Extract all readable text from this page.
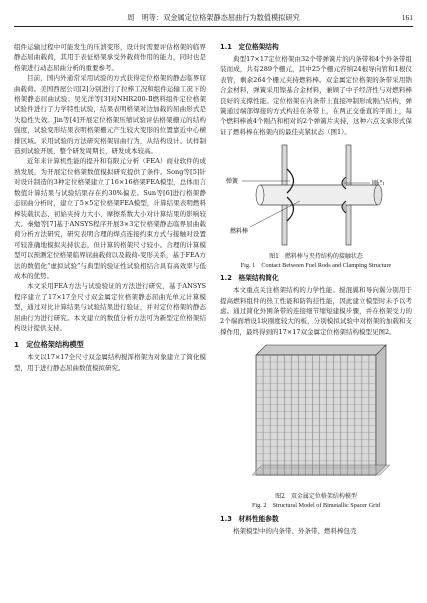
周　明等：双金属定位格架静态屈曲行为数值模拟研究	161

组件运输过程中可能发生的压溃变形，设计时需要评估格架的临界静态屈曲载荷，其用于表征格架承受外载荷作用的能力，同时也是格架进行动态屈曲分析的重要参考。

目前，国内外通常采用试验的方式获得定位格架的静态临界屈曲载荷。美国西屋公司[2]分别进行了拉棒工况和组件运输工况下的格架静态屈曲试验；吴光洋等[3]对NHR200-Ⅱ燃料组件定位格架试验件进行了力学特性试验，结果表明格架对边加载的屈曲形式是失稳性失效。Jin等[4]开展定位格架压缩试验评估格架栅元的结构强度，试验变形结果表明格架栅元产生较大变形的位置靠近中心横排区域。采用试验的方法研究格架屈曲行为，从结构设计、试样制造到试验开展，整个研发周期长，研发成本较高。

近年来计算机性能的提升和有限元分析（FEA）商业软件的成熟发展，为开展定位格架数值模拟研究提供了条件。Song等[5]针对设计制造的3种定位格架建立了16×16格架FEA模型，总体而言数值计算结果与试验结果存在约30%偏差。Sun等[6]进行格架静态屈曲分析时，建立了5×5定位格架FEA模型，计算结果表明燃料棒装载状态、初始夹持力大小、摩擦系数大小对计算结果的影响较大。秦勉等[7]基于ANSYS程序开展3×3定位格架静态临界屈曲载荷分析方法研究，研究表明合理的焊点连接约束方式与接触对设置可较准确地模拟夹持状态，但计算的格架尺寸较小。合理的计算模型可以预测定位格架临界屈曲载荷以及载荷-变形关系，基于FEA方法的数值化“虚拟试验”与典型的验证性试验相结合具有高效率与低成本的优势。

本文采用FEA方法与试验验证的方法进行研究，基于ANSYS程序建立了17×17全尺寸双金属定位格架静态屈曲光单元计算模型，通过对比计算结果与试验结果进行验证，并对定位格架的静态屈曲行为进行研究。本文建立的数值分析方法可为新型定位格架结构设计提供支持。

1　定位格架结构模型

本文以17×17全尺寸双金属结构搅浑格架为对象建立了简化模型，用于进行静态屈曲数值模拟研究。

1.1　定位格架结构

典型17×17定位格架由32个带弹簧片的内条带和4个外条带组装而成，共有289个栅元，其中25个栅元容纳24根导向管和1根仪表管，剩余264个栅元夹持燃料棒。双金属定位格架的条带采用锆合金材料，弹簧采用镍基合金材料，兼顾了中子经济性与对燃料棒良好的支撑性能。定位格架在内条带上直接冲制形成刚凸结构，弹簧通过端部焊接的方式构挂在条带上，在两正交垂直的平面上，每个燃料棒被4个刚凸和相对的2个弹簧片夹持，这种六点支承形式保证了燃料棒在格架内的最佳夹紧状态（图1）。

弹簧	刚凸
燃料棒
图1　燃料棒与夹持结构的接触状态
Fig. 1　Contact Between Fuel Rods and Clamping Structure
1.2　格架结构简化

本文重点关注格架结构的力学性能。搅混翼和导向翼分别用于提高燃料组件的热工性能和防钩挂性能，因此建立模型时未予以考虑。通过简化外围条带的连接细节缩短建模步骤，并在格架受力的2个端面增设1块刚度较大的板，分别模拟试验中对格架的加载和支撑作用，最终得到的17×17双金属定位格架结构模型见图2。

图2　双金属定位格架结构模型
Fig. 2　Structural Model of Bimetallic Spacer Grid
1.3　材料性能参数

格架模型中的内条带、外条带、燃料棒包壳
